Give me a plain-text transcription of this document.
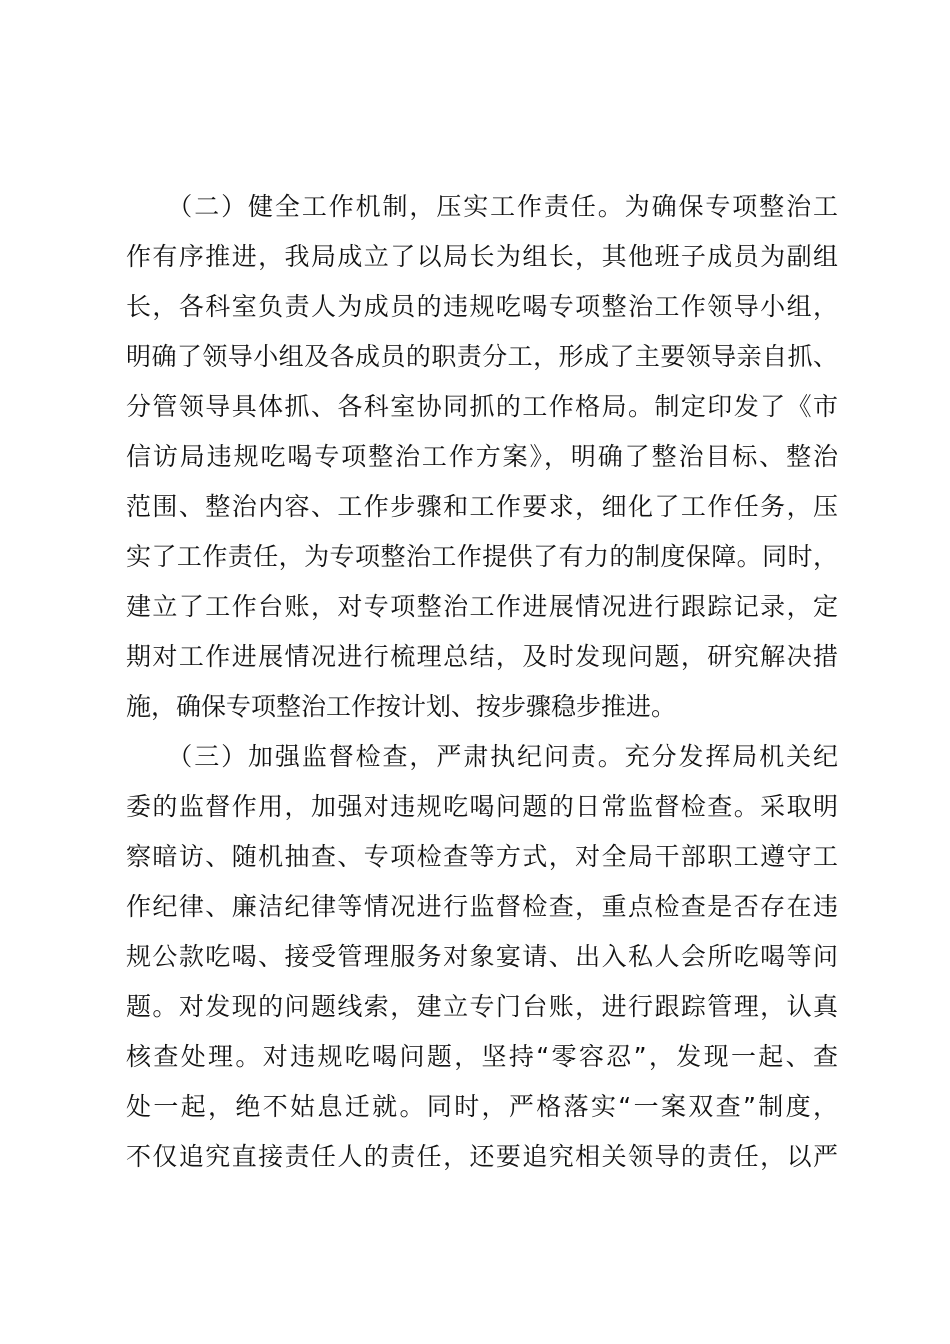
　　（二）健全工作机制，压实工作责任。为确保专项整治工
作有序推进，我局成立了以局长为组长，其他班子成员为副组
长，各科室负责人为成员的违规吃喝专项整治工作领导小组，
明确了领导小组及各成员的职责分工，形成了主要领导亲自抓、
分管领导具体抓、各科室协同抓的工作格局。制定印发了《市
信访局违规吃喝专项整治工作方案》，明确了整治目标、整治
范围、整治内容、工作步骤和工作要求，细化了工作任务，压
实了工作责任，为专项整治工作提供了有力的制度保障。同时，
建立了工作台账，对专项整治工作进展情况进行跟踪记录，定
期对工作进展情况进行梳理总结，及时发现问题，研究解决措
施，确保专项整治工作按计划、按步骤稳步推进。

　　（三）加强监督检查，严肃执纪问责。充分发挥局机关纪
委的监督作用，加强对违规吃喝问题的日常监督检查。采取明
察暗访、随机抽查、专项检查等方式，对全局干部职工遵守工
作纪律、廉洁纪律等情况进行监督检查，重点检查是否存在违
规公款吃喝、接受管理服务对象宴请、出入私人会所吃喝等问
题。对发现的问题线索，建立专门台账，进行跟踪管理，认真
核查处理。对违规吃喝问题，坚持“零容忍”，发现一起、查
处一起，绝不姑息迁就。同时，严格落实“一案双查”制度，
不仅追究直接责任人的责任，还要追究相关领导的责任，以严
